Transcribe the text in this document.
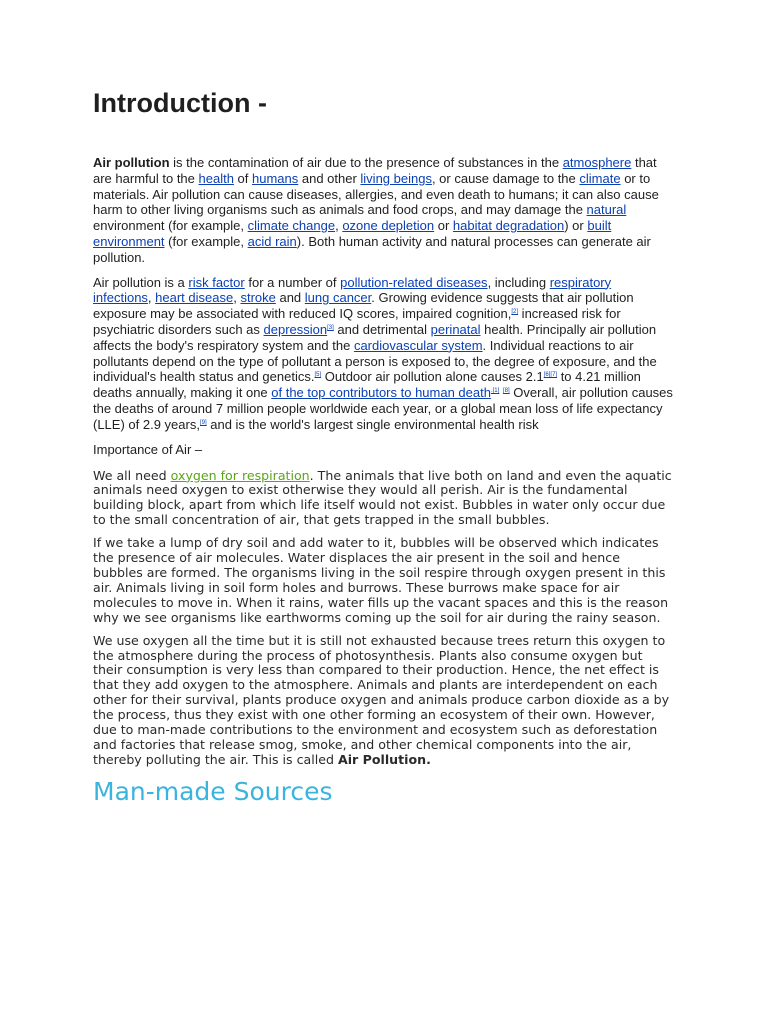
Introduction -

Air pollution is the contamination of air due to the presence of substances in the atmosphere that are harmful to the health of humans and other living beings, or cause damage to the climate or to materials. Air pollution can cause diseases, allergies, and even death to humans; it can also cause harm to other living organisms such as animals and food crops, and may damage the natural environment (for example, climate change, ozone depletion or habitat degradation) or built environment (for example, acid rain). Both human activity and natural processes can generate air pollution.

Air pollution is a risk factor for a number of pollution-related diseases, including respiratory infections, heart disease, stroke and lung cancer. Growing evidence suggests that air pollution exposure may be associated with reduced IQ scores, impaired cognition,[2] increased risk for psychiatric disorders such as depression[3] and detrimental perinatal health. Principally air pollution affects the body's respiratory system and the cardiovascular system. Individual reactions to air pollutants depend on the type of pollutant a person is exposed to, the degree of exposure, and the individual's health status and genetics.[5] Outdoor air pollution alone causes 2.1[6][7] to 4.21 million deaths annually, making it one of the top contributors to human death$^{.[1]}$ [8] Overall, air pollution causes the deaths of around 7 million people worldwide each year, or a global mean loss of life expectancy (LLE) of 2.9 years,[9] and is the world's largest single environmental health risk

Importance of Air –

We all need oxygen for respiration. The animals that live both on land and even the aquatic animals need oxygen to exist otherwise they would all perish. Air is the fundamental building block, apart from which life itself would not exist. Bubbles in water only occur due to the small concentration of air, that gets trapped in the small bubbles.

If we take a lump of dry soil and add water to it, bubbles will be observed which indicates the presence of air molecules. Water displaces the air present in the soil and hence bubbles are formed. The organisms living in the soil respire through oxygen present in this air. Animals living in soil form holes and burrows. These burrows make space for air molecules to move in. When it rains, water fills up the vacant spaces and this is the reason why we see organisms like earthworms coming up the soil for air during the rainy season.

We use oxygen all the time but it is still not exhausted because trees return this oxygen to the atmosphere during the process of photosynthesis. Plants also consume oxygen but their consumption is very less than compared to their production. Hence, the net effect is that they add oxygen to the atmosphere. Animals and plants are interdependent on each other for their survival, plants produce oxygen and animals produce carbon dioxide as a by the process, thus they exist with one other forming an ecosystem of their own. However, due to man-made contributions to the environment and ecosystem such as deforestation and factories that release smog, smoke, and other chemical components into the air, thereby polluting the air. This is called Air Pollution.

Man-made Sources
